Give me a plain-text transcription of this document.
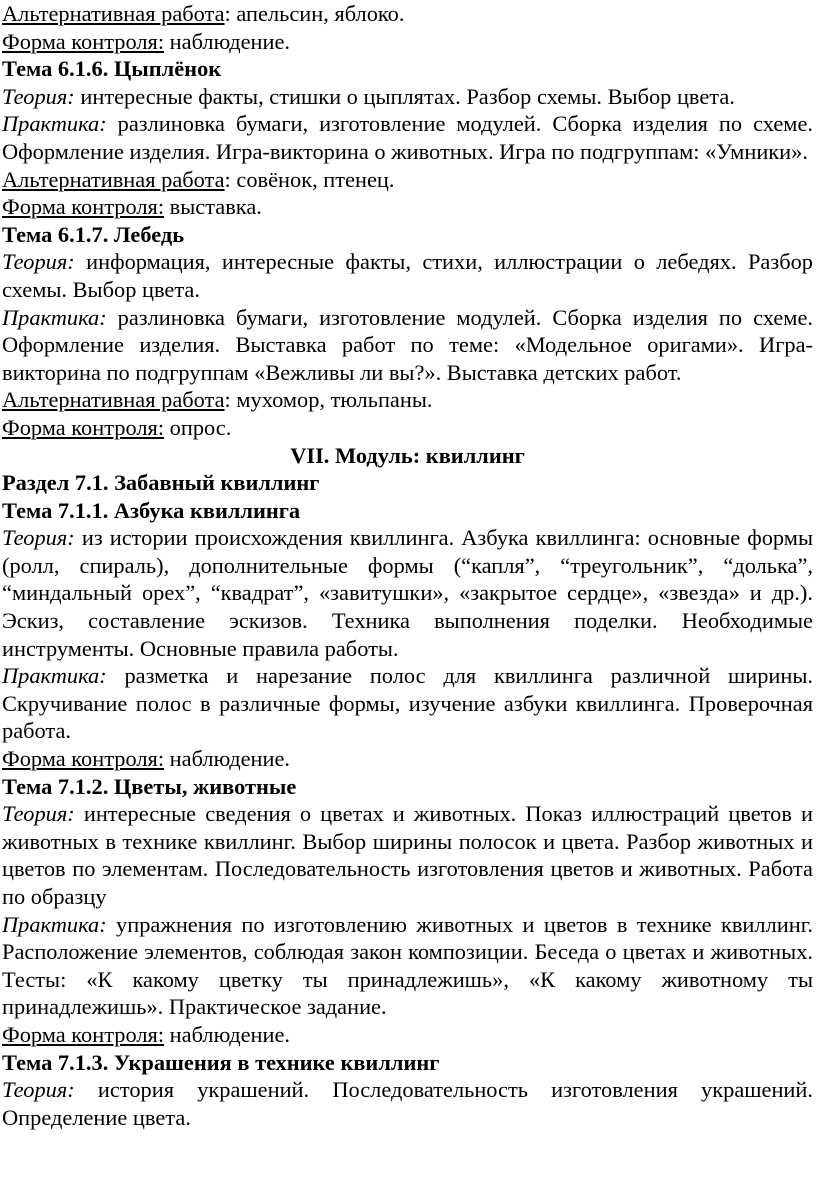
Альтернативная работа: апельсин, яблоко.

Форма контроля: наблюдение.

Тема 6.1.6. Цыплёнок

Теория: интересные факты, стишки о цыплятах. Разбор схемы. Выбор цвета.

Практика: разлиновка бумаги, изготовление модулей. Сборка изделия по схеме. Оформление изделия. Игра-викторина о животных. Игра по подгруппам: «Умники».

Альтернативная работа: совёнок, птенец.

Форма контроля: выставка.

Тема 6.1.7. Лебедь

Теория: информация, интересные факты, стихи, иллюстрации о лебедях. Разбор схемы. Выбор цвета.

Практика: разлиновка бумаги, изготовление модулей. Сборка изделия по схеме. Оформление изделия. Выставка работ по теме: «Модельное оригами». Игра-викторина по подгруппам «Вежливы ли вы?». Выставка детских работ.

Альтернативная работа: мухомор, тюльпаны.

Форма контроля: опрос.

VII. Модуль: квиллинг

Раздел 7.1. Забавный квиллинг

Тема 7.1.1. Азбука квиллинга

Теория: из истории происхождения квиллинга. Азбука квиллинга: основные формы (ролл, спираль), дополнительные формы (“капля”, “треугольник”, “долька”, “миндальный орех”, “квадрат”, «завитушки», «закрытое сердце», «звезда» и др.). Эскиз, составление эскизов. Техника выполнения поделки. Необходимые инструменты. Основные правила работы.

Практика: разметка и нарезание полос для квиллинга различной ширины. Скручивание полос в различные формы, изучение азбуки квиллинга. Проверочная работа.

Форма контроля: наблюдение.

Тема 7.1.2. Цветы, животные

Теория: интересные сведения о цветах и животных. Показ иллюстраций цветов и животных в технике квиллинг. Выбор ширины полосок и цвета. Разбор животных и цветов по элементам. Последовательность изготовления цветов и животных. Работа по образцу

Практика: упражнения по изготовлению животных и цветов в технике квиллинг. Расположение элементов, соблюдая закон композиции. Беседа о цветах и животных. Тесты: «К какому цветку ты принадлежишь», «К какому животному ты принадлежишь». Практическое задание.

Форма контроля: наблюдение.

Тема 7.1.3. Украшения в технике квиллинг

Теория: история украшений. Последовательность изготовления украшений. Определение цвета.
